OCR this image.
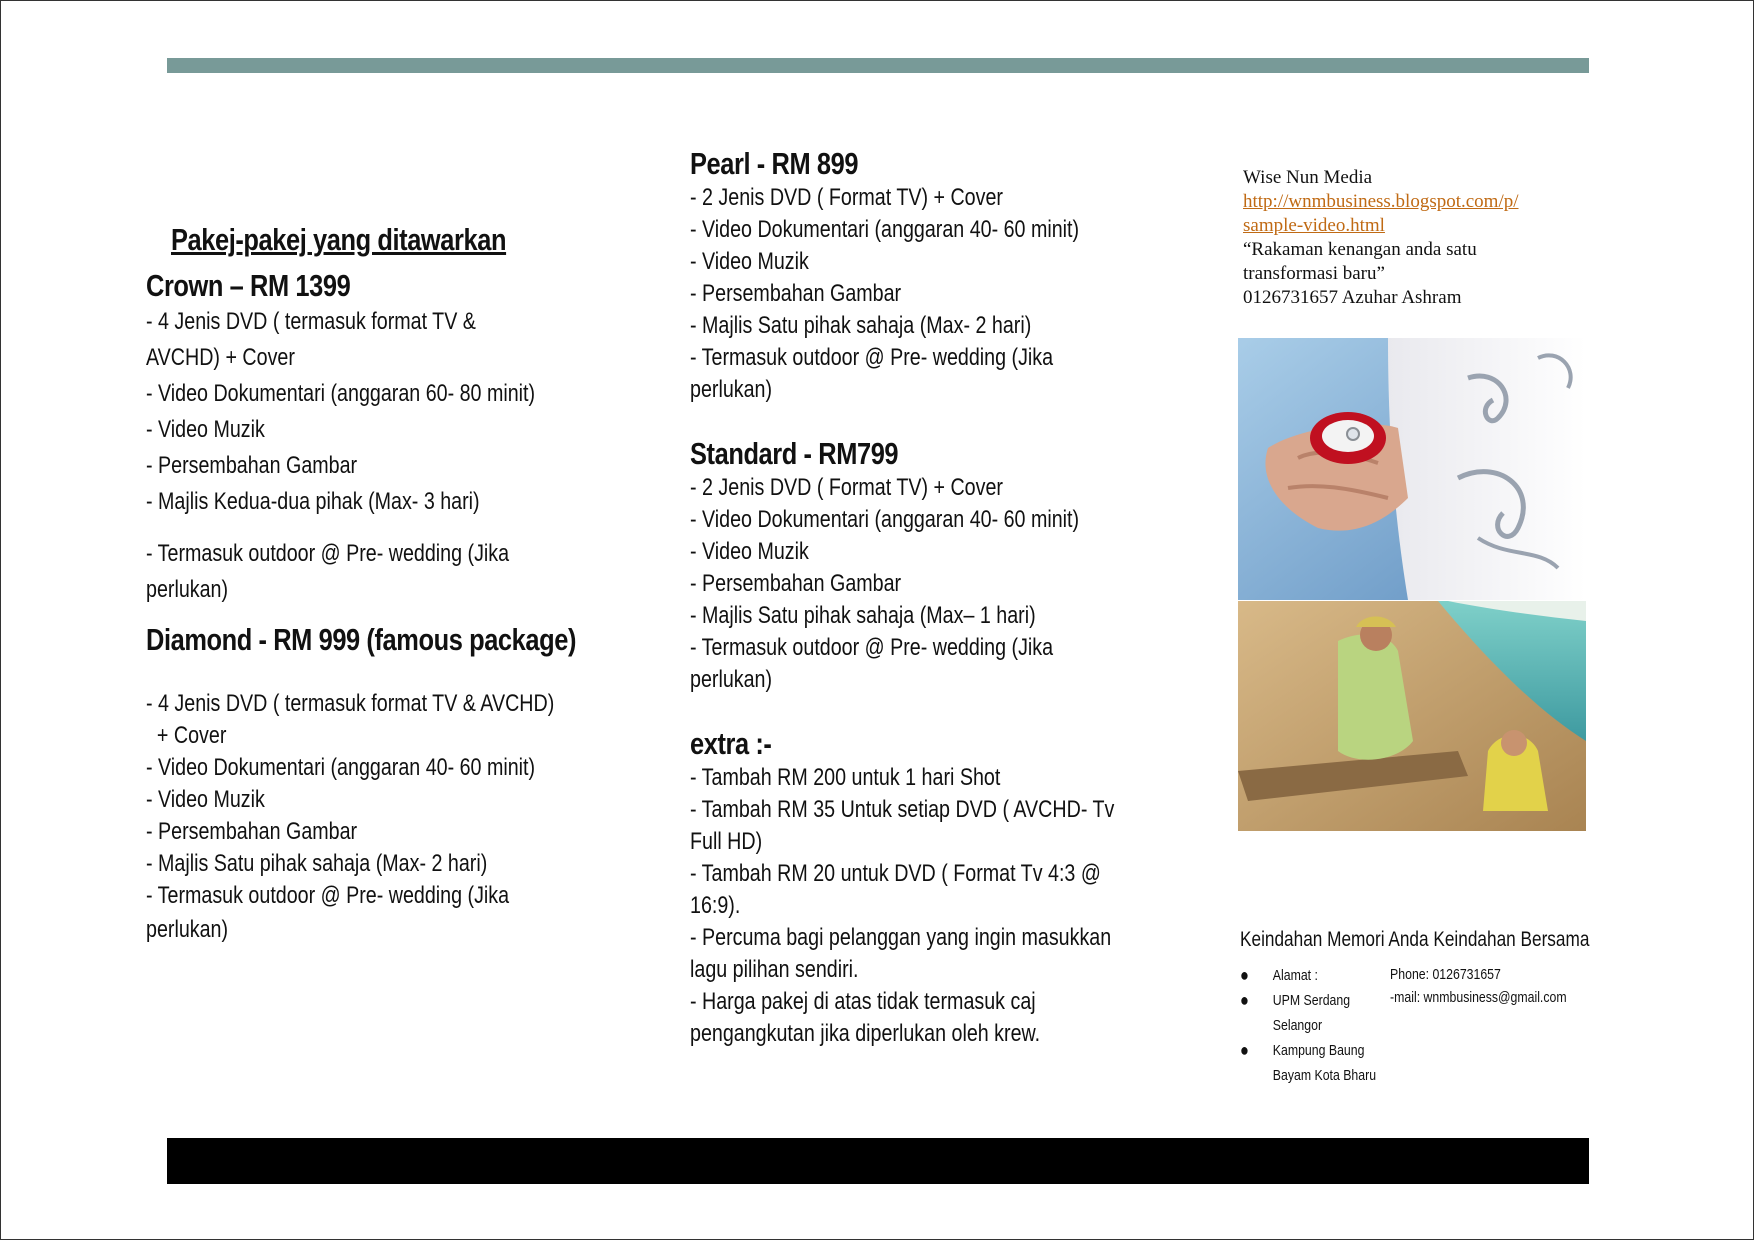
Pakej-pakej yang ditawarkan

Crown – RM 1399

- 4 Jenis DVD ( termasuk format TV &

AVCHD) + Cover

- Video Dokumentari (anggaran 60- 80 minit)

- Video Muzik

- Persembahan Gambar

- Majlis Kedua-dua pihak (Max- 3 hari)

- Termasuk outdoor @ Pre- wedding (Jika

perlukan)

Diamond - RM 999 (famous package)

- 4 Jenis DVD ( termasuk format TV & AVCHD)

+ Cover

- Video Dokumentari (anggaran 40- 60 minit)

- Video Muzik

- Persembahan Gambar

- Majlis Satu pihak sahaja (Max- 2 hari)

- Termasuk outdoor @ Pre- wedding (Jika

perlukan)

Pearl - RM 899

- 2 Jenis DVD ( Format TV) + Cover

- Video Dokumentari (anggaran 40- 60 minit)

- Video Muzik

- Persembahan Gambar

- Majlis Satu pihak sahaja (Max- 2 hari)

- Termasuk outdoor @ Pre- wedding (Jika

perlukan)

Standard - RM799

- 2 Jenis DVD ( Format TV) + Cover

- Video Dokumentari (anggaran 40- 60 minit)

- Video Muzik

- Persembahan Gambar

- Majlis Satu pihak sahaja (Max– 1 hari)

- Termasuk outdoor @ Pre- wedding (Jika

perlukan)

extra :-

- Tambah RM 200 untuk 1 hari Shot

- Tambah RM 35 Untuk setiap DVD ( AVCHD- Tv

Full HD)

- Tambah RM 20 untuk DVD ( Format Tv 4:3 @

16:9).

- Percuma bagi pelanggan yang ingin masukkan

lagu pilihan sendiri.

- Harga pakej di atas tidak termasuk caj

pengangkutan jika diperlukan oleh krew.

Wise Nun Media

http://wnmbusiness.blogspot.com/p/

sample-video.html

“Rakaman kenangan anda satu

transformasi baru”

0126731657 Azuhar Ashram

Keindahan Memori Anda Keindahan Bersama
● Alamat :
● UPM Serdang
Selangor
● Kampung Baung
Bayam Kota Bharu
Phone: 0126731657
-mail: wnmbusiness@gmail.com
